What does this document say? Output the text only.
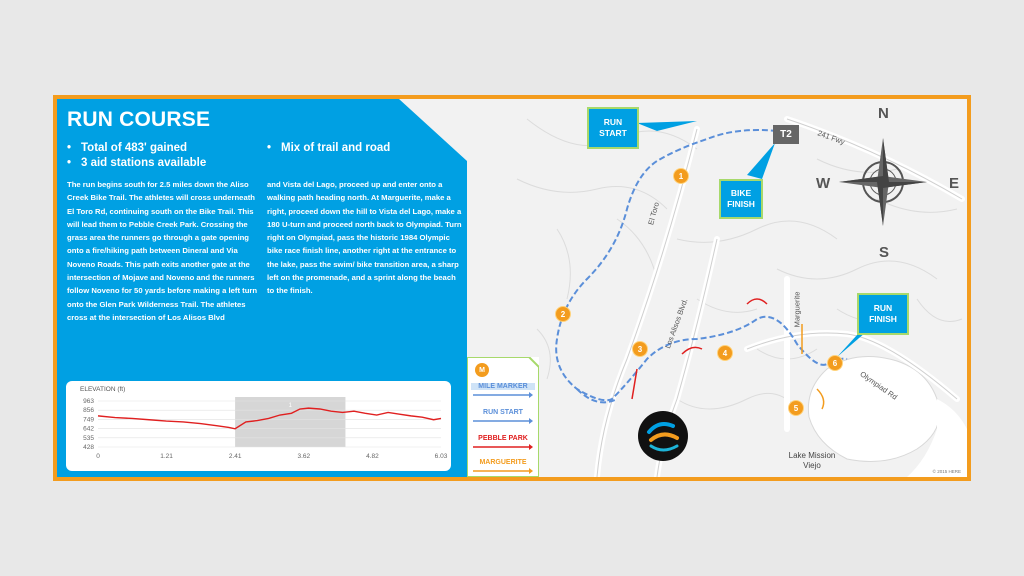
241 Fwy
El Toro
Los Alisos Blvd.	Marguerite
Olympiad Rd
Lake Mission Viejo
N
S
W	E
RUN START	T2
BIKE FINISH
RUN FINISH
1
2
3	4
5
6
© 2015 HERE
M
MILE MARKER
RUN START
PEBBLE PARK
MARGUERITE
RUN COURSE
• Total of 483' gained
• 3 aid stations available
• Mix of trail and road

The run begins south for 2.5 miles down the Aliso Creek Bike Trail. The athletes will cross underneath El Toro Rd, continuing south on the Bike Trail. This will lead them to Pebble Creek Park. Crossing the grass area the runners go through a gate opening onto a fire/hiking path between Dineral and Via Noveno Roads. This path exits another gate at the intersection of Mojave and Noveno and the runners follow Noveno for 50 yards before making a left turn onto the Glen Park Wilderness Trail. The athletes cross at the intersection of Los Alisos Blvd

and Vista del Lago, proceed up and enter onto a walking path heading north. At Marguerite, make a right, proceed down the hill to Vista del Lago, make a 180 U-turn and proceed north back to Olympiad. Turn right on Olympiad, pass the historic 1984 Olympic bike race finish line, another right at the entrance to the lake, pass the swim/ bike transition area, a sharp left on the promenade, and a sprint along the beach to the finish.

ELEVATION (ft)
1
963
856
749
642
535
428
0	1.21	2.41	3.62	4.82	6.03
